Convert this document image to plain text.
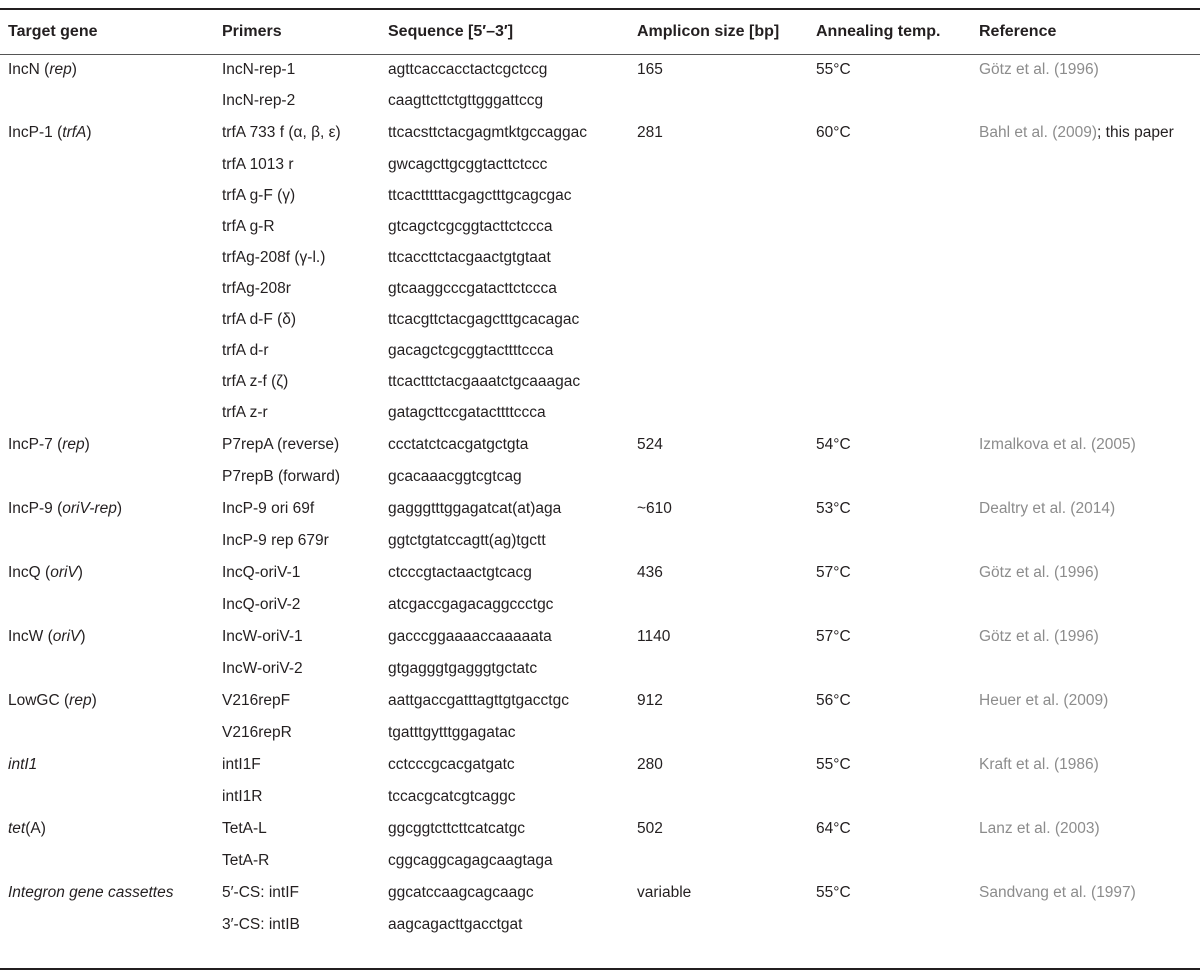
Target gene	Primers	Sequence [5′–3′]	Amplicon size [bp]	Annealing temp.	Reference
IncN (rep)	IncN-rep-1	agttcaccacctactcgctccg	165	55°C	Götz et al. (1996)
	IncN-rep-2	caagttcttctgttgggattccg			
IncP-1 (trfA)	trfA 733 f (α, β, ε)	ttcacsttctacgagmtktgccaggac	281	60°C	Bahl et al. (2009); this paper
	trfA 1013 r	gwcagcttgcggtacttctccc			
	trfA g-F (γ)	ttcactttttacgagctttgcagcgac			
	trfA g-R	gtcagctcgcggtacttctccca			
	trfAg-208f (γ-l.)	ttcaccttctacgaactgtgtaat			
	trfAg-208r	gtcaaggcccgatacttctccca			
	trfA d-F (δ)	ttcacgttctacgagctttgcacagac			
	trfA d-r	gacagctcgcggtacttttccca			
	trfA z-f (ζ)	ttcactttctacgaaatctgcaaagac			
	trfA z-r	gatagcttccgatacttttccca			
IncP-7 (rep)	P7repA (reverse)	ccctatctcacgatgctgta	524	54°C	Izmalkova et al. (2005)
	P7repB (forward)	gcacaaacggtcgtcag			
IncP-9 (oriV-rep)	IncP-9 ori 69f	gagggtttggagatcat(at)aga	~610	53°C	Dealtry et al. (2014)
	IncP-9 rep 679r	ggtctgtatccagtt(ag)tgctt			
IncQ (oriV)	IncQ-oriV-1	ctcccgtactaactgtcacg	436	57°C	Götz et al. (1996)
	IncQ-oriV-2	atcgaccgagacaggccctgc			
IncW (oriV)	IncW-oriV-1	gacccggaaaaccaaaaata	1140	57°C	Götz et al. (1996)
	IncW-oriV-2	gtgagggtgagggtgctatc			
LowGC (rep)	V216repF	aattgaccgatttagttgtgacctgc	912	56°C	Heuer et al. (2009)
	V216repR	tgatttgytttggagatac			
intI1	intI1F	cctcccgcacgatgatc	280	55°C	Kraft et al. (1986)
	intI1R	tccacgcatcgtcaggc			
tet(A)	TetA-L	ggcggtcttcttcatcatgc	502	64°C	Lanz et al. (2003)
	TetA-R	cggcaggcagagcaagtaga			
Integron gene cassettes	5′-CS: intIF	ggcatccaagcagcaagc	variable	55°C	Sandvang et al. (1997)
	3′-CS: intIB	aagcagacttgacctgat			
